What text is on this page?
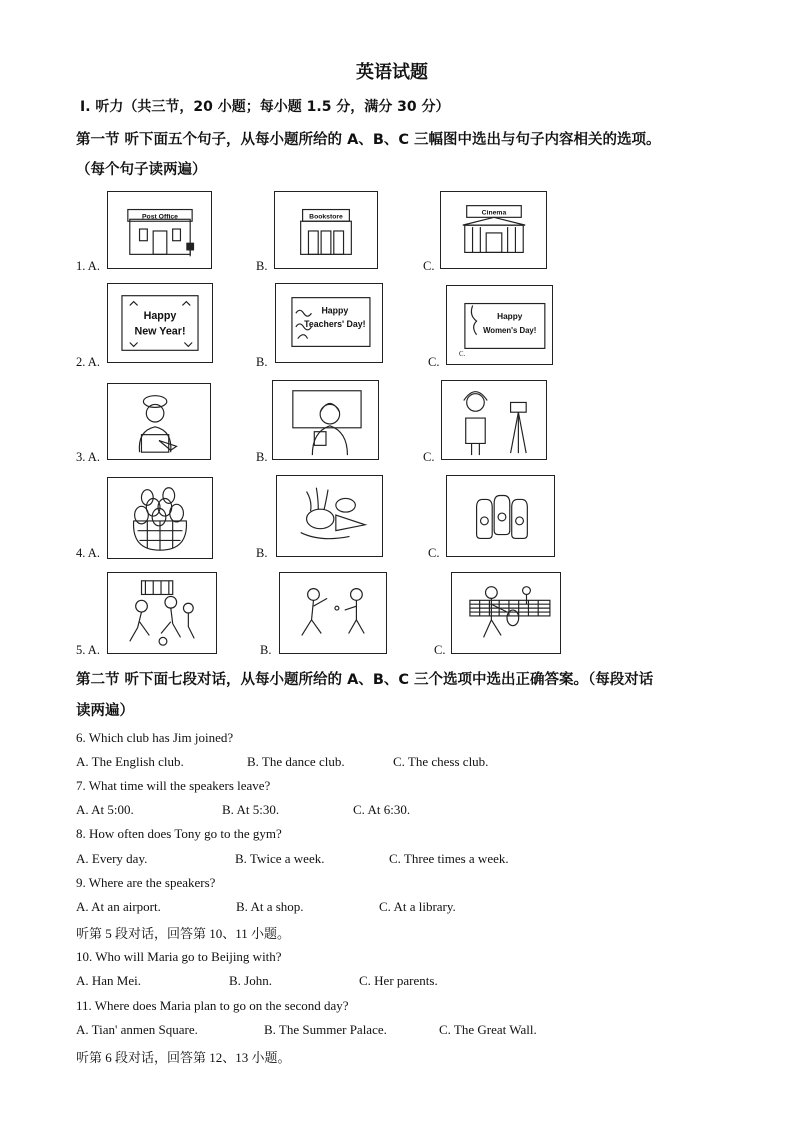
英语试题
Ⅰ. 听力（共三节，20 小题；每小题 1.5 分，满分 30 分）
第一节 听下面五个句子，从每小题所给的 A、B、C 三幅图中选出与句子内容相关的选项。
（每个句子读两遍）
1. A.
Post Office
B.
Bookstore
C.
Cinema
2. A.
Happy
New Year!
B.
Happy
Teachers' Day!
C.
Happy
Women's Day!
C.
3. A.	B.	C.
4. A.	B.	C.
5. A.	B.	C.
第二节 听下面七段对话，从每小题所给的 A、B、C 三个选项中选出正确答案。（每段对话
读两遍）
6. Which club has Jim joined?
A. The English club.	B. The dance club.	C. The chess club.
7. What time will the speakers leave?
A. At 5:00.	B. At 5:30.	C. At 6:30.
8. How often does Tony go to the gym?
A. Every day.	B. Twice a week.	C. Three times a week.
9. Where are the speakers?
A. At an airport.	B. At a shop.	C. At a library.
听第 5 段对话，回答第 10、11 小题。
10. Who will Maria go to Beijing with?
A. Han Mei.	B. John.	C. Her parents.
11. Where does Maria plan to go on the second day?
A. Tian' anmen Square.	B. The Summer Palace.	C. The Great Wall.
听第 6 段对话，回答第 12、13 小题。
